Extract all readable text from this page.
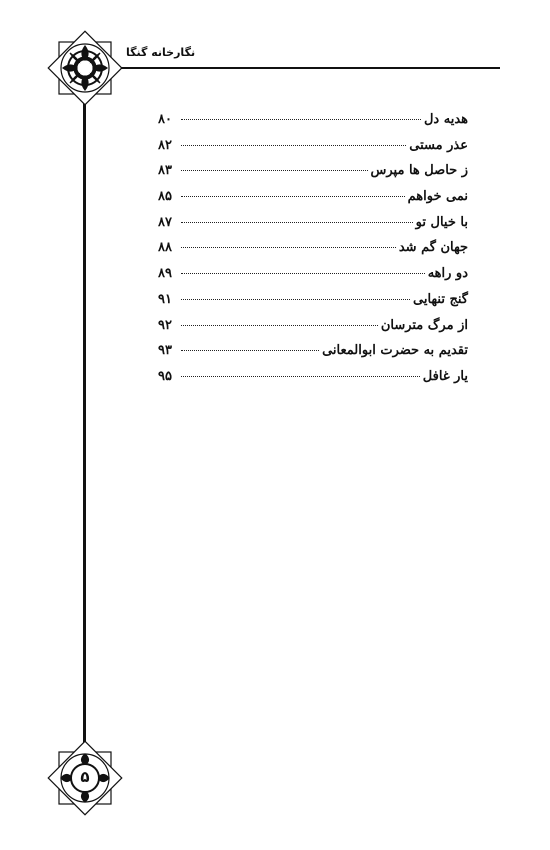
نگارخانه گنگا
هدیه دل
۸۰
عذر مستی
۸۲
ز حاصل ها مپرس
۸۳
نمی خواهم
۸۵
با خیال تو
۸۷
جهان گم شد
۸۸
دو راهه
۸۹
گنج تنهایی
۹۱
از مرگ مترسان
۹۲
تقدیم به حضرت ابوالمعانی
۹۳
یار غافل
۹۵
۵
